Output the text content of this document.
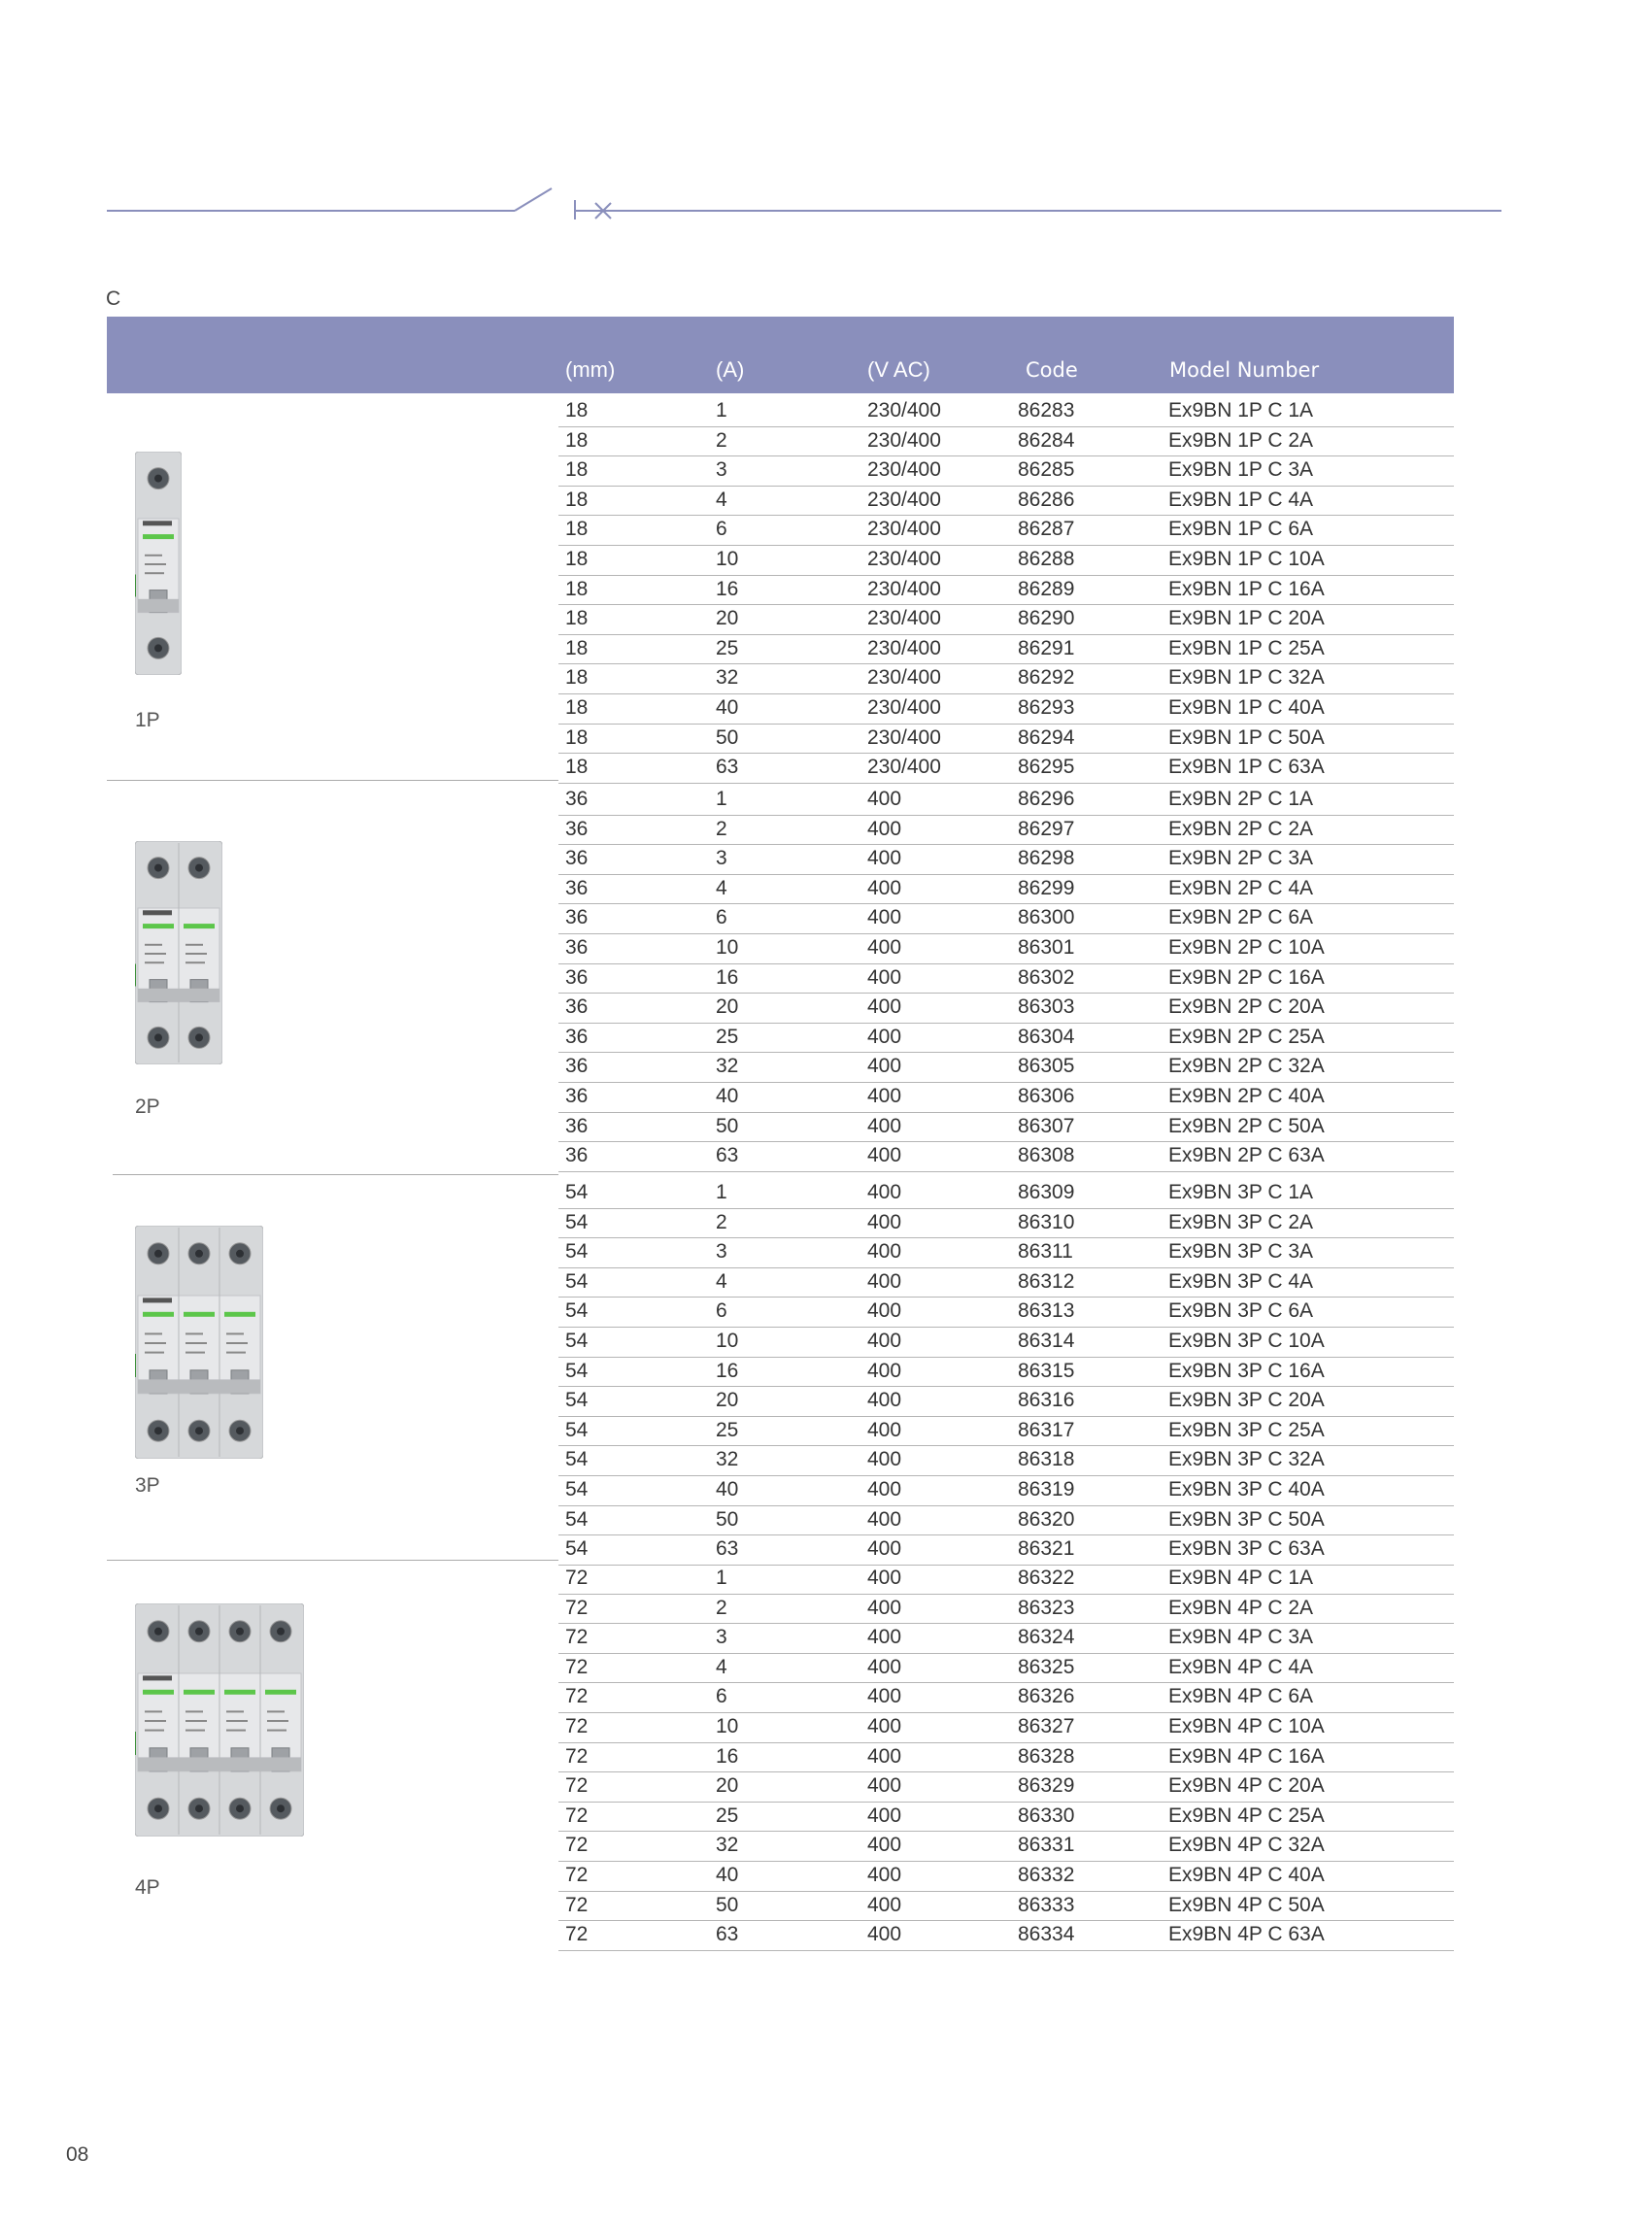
C
(mm)	(A)	(V AC)	Code	Model Number
1P
18	1	230/400	86283	Ex9BN 1P C 1A
18	2	230/400	86284	Ex9BN 1P C 2A
18	3	230/400	86285	Ex9BN 1P C 3A
18	4	230/400	86286	Ex9BN 1P C 4A
18	6	230/400	86287	Ex9BN 1P C 6A
18	10	230/400	86288	Ex9BN 1P C 10A
18	16	230/400	86289	Ex9BN 1P C 16A
18	20	230/400	86290	Ex9BN 1P C 20A
18	25	230/400	86291	Ex9BN 1P C 25A
18	32	230/400	86292	Ex9BN 1P C 32A
18	40	230/400	86293	Ex9BN 1P C 40A
18	50	230/400	86294	Ex9BN 1P C 50A
18	63	230/400	86295	Ex9BN 1P C 63A
2P
36	1	400	86296	Ex9BN 2P C 1A
36	2	400	86297	Ex9BN 2P C 2A
36	3	400	86298	Ex9BN 2P C 3A
36	4	400	86299	Ex9BN 2P C 4A
36	6	400	86300	Ex9BN 2P C 6A
36	10	400	86301	Ex9BN 2P C 10A
36	16	400	86302	Ex9BN 2P C 16A
36	20	400	86303	Ex9BN 2P C 20A
36	25	400	86304	Ex9BN 2P C 25A
36	32	400	86305	Ex9BN 2P C 32A
36	40	400	86306	Ex9BN 2P C 40A
36	50	400	86307	Ex9BN 2P C 50A
36	63	400	86308	Ex9BN 2P C 63A
3P
54	1	400	86309	Ex9BN 3P C 1A
54	2	400	86310	Ex9BN 3P C 2A
54	3	400	86311	Ex9BN 3P C 3A
54	4	400	86312	Ex9BN 3P C 4A
54	6	400	86313	Ex9BN 3P C 6A
54	10	400	86314	Ex9BN 3P C 10A
54	16	400	86315	Ex9BN 3P C 16A
54	20	400	86316	Ex9BN 3P C 20A
54	25	400	86317	Ex9BN 3P C 25A
54	32	400	86318	Ex9BN 3P C 32A
54	40	400	86319	Ex9BN 3P C 40A
54	50	400	86320	Ex9BN 3P C 50A
54	63	400	86321	Ex9BN 3P C 63A
4P
72	1	400	86322	Ex9BN 4P C 1A
72	2	400	86323	Ex9BN 4P C 2A
72	3	400	86324	Ex9BN 4P C 3A
72	4	400	86325	Ex9BN 4P C 4A
72	6	400	86326	Ex9BN 4P C 6A
72	10	400	86327	Ex9BN 4P C 10A
72	16	400	86328	Ex9BN 4P C 16A
72	20	400	86329	Ex9BN 4P C 20A
72	25	400	86330	Ex9BN 4P C 25A
72	32	400	86331	Ex9BN 4P C 32A
72	40	400	86332	Ex9BN 4P C 40A
72	50	400	86333	Ex9BN 4P C 50A
72	63	400	86334	Ex9BN 4P C 63A
08
